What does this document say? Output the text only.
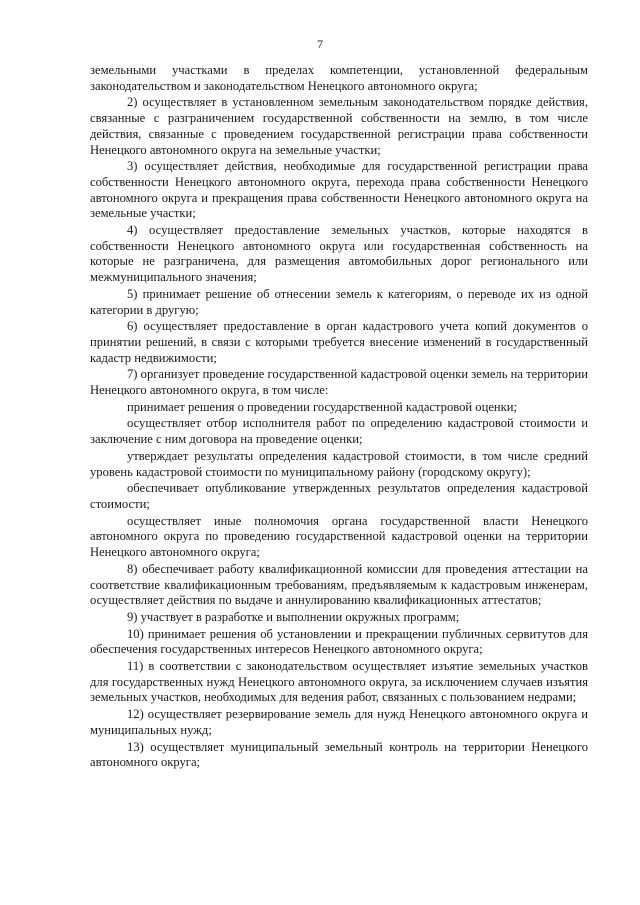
7

земельными участками в пределах компетенции, установленной федеральным законодательством и законодательством Ненецкого автономного округа;

2) осуществляет в установленном земельным законодательством порядке действия, связанные с разграничением государственной собственности на землю, в том числе действия, связанные с проведением государственной регистрации права собственности Ненецкого автономного округа на земельные участки;

3) осуществляет действия, необходимые для государственной регистрации права собственности Ненецкого автономного округа, перехода права собственности Ненецкого автономного округа и прекращения права собственности Ненецкого автономного округа на земельные участки;

4) осуществляет предоставление земельных участков, которые находятся в собственности Ненецкого автономного округа или государственная собственность на которые не разграничена, для размещения автомобильных дорог регионального или межмуниципального значения;

5) принимает решение об отнесении земель к категориям, о переводе их из одной категории в другую;

6) осуществляет предоставление в орган кадастрового учета копий документов о принятии решений, в связи с которыми требуется внесение изменений в государственный кадастр недвижимости;

7) организует проведение государственной кадастровой оценки земель на территории Ненецкого автономного округа, в том числе:

принимает решения о проведении государственной кадастровой оценки;

осуществляет отбор исполнителя работ по определению кадастровой стоимости и заключение с ним договора на проведение оценки;

утверждает результаты определения кадастровой стоимости, в том числе средний уровень кадастровой стоимости по муниципальному району (городскому округу);

обеспечивает опубликование утвержденных результатов определения кадастровой стоимости;

осуществляет иные полномочия органа государственной власти Ненецкого автономного округа по проведению государственной кадастровой оценки на территории Ненецкого автономного округа;

8) обеспечивает работу квалификационной комиссии для проведения аттестации на соответствие квалификационным требованиям, предъявляемым к кадастровым инженерам, осуществляет действия по выдаче и аннулированию квалификационных аттестатов;

9) участвует в разработке и выполнении окружных программ;

10) принимает решения об установлении и прекращении публичных сервитутов для обеспечения государственных интересов Ненецкого автономного округа;

11) в соответствии с законодательством осуществляет изъятие земельных участков для государственных нужд Ненецкого автономного округа, за исключением случаев изъятия земельных участков, необходимых для ведения работ, связанных с пользованием недрами;

12) осуществляет резервирование земель для нужд Ненецкого автономного округа и муниципальных нужд;

13) осуществляет муниципальный земельный контроль на территории Ненецкого автономного округа;
